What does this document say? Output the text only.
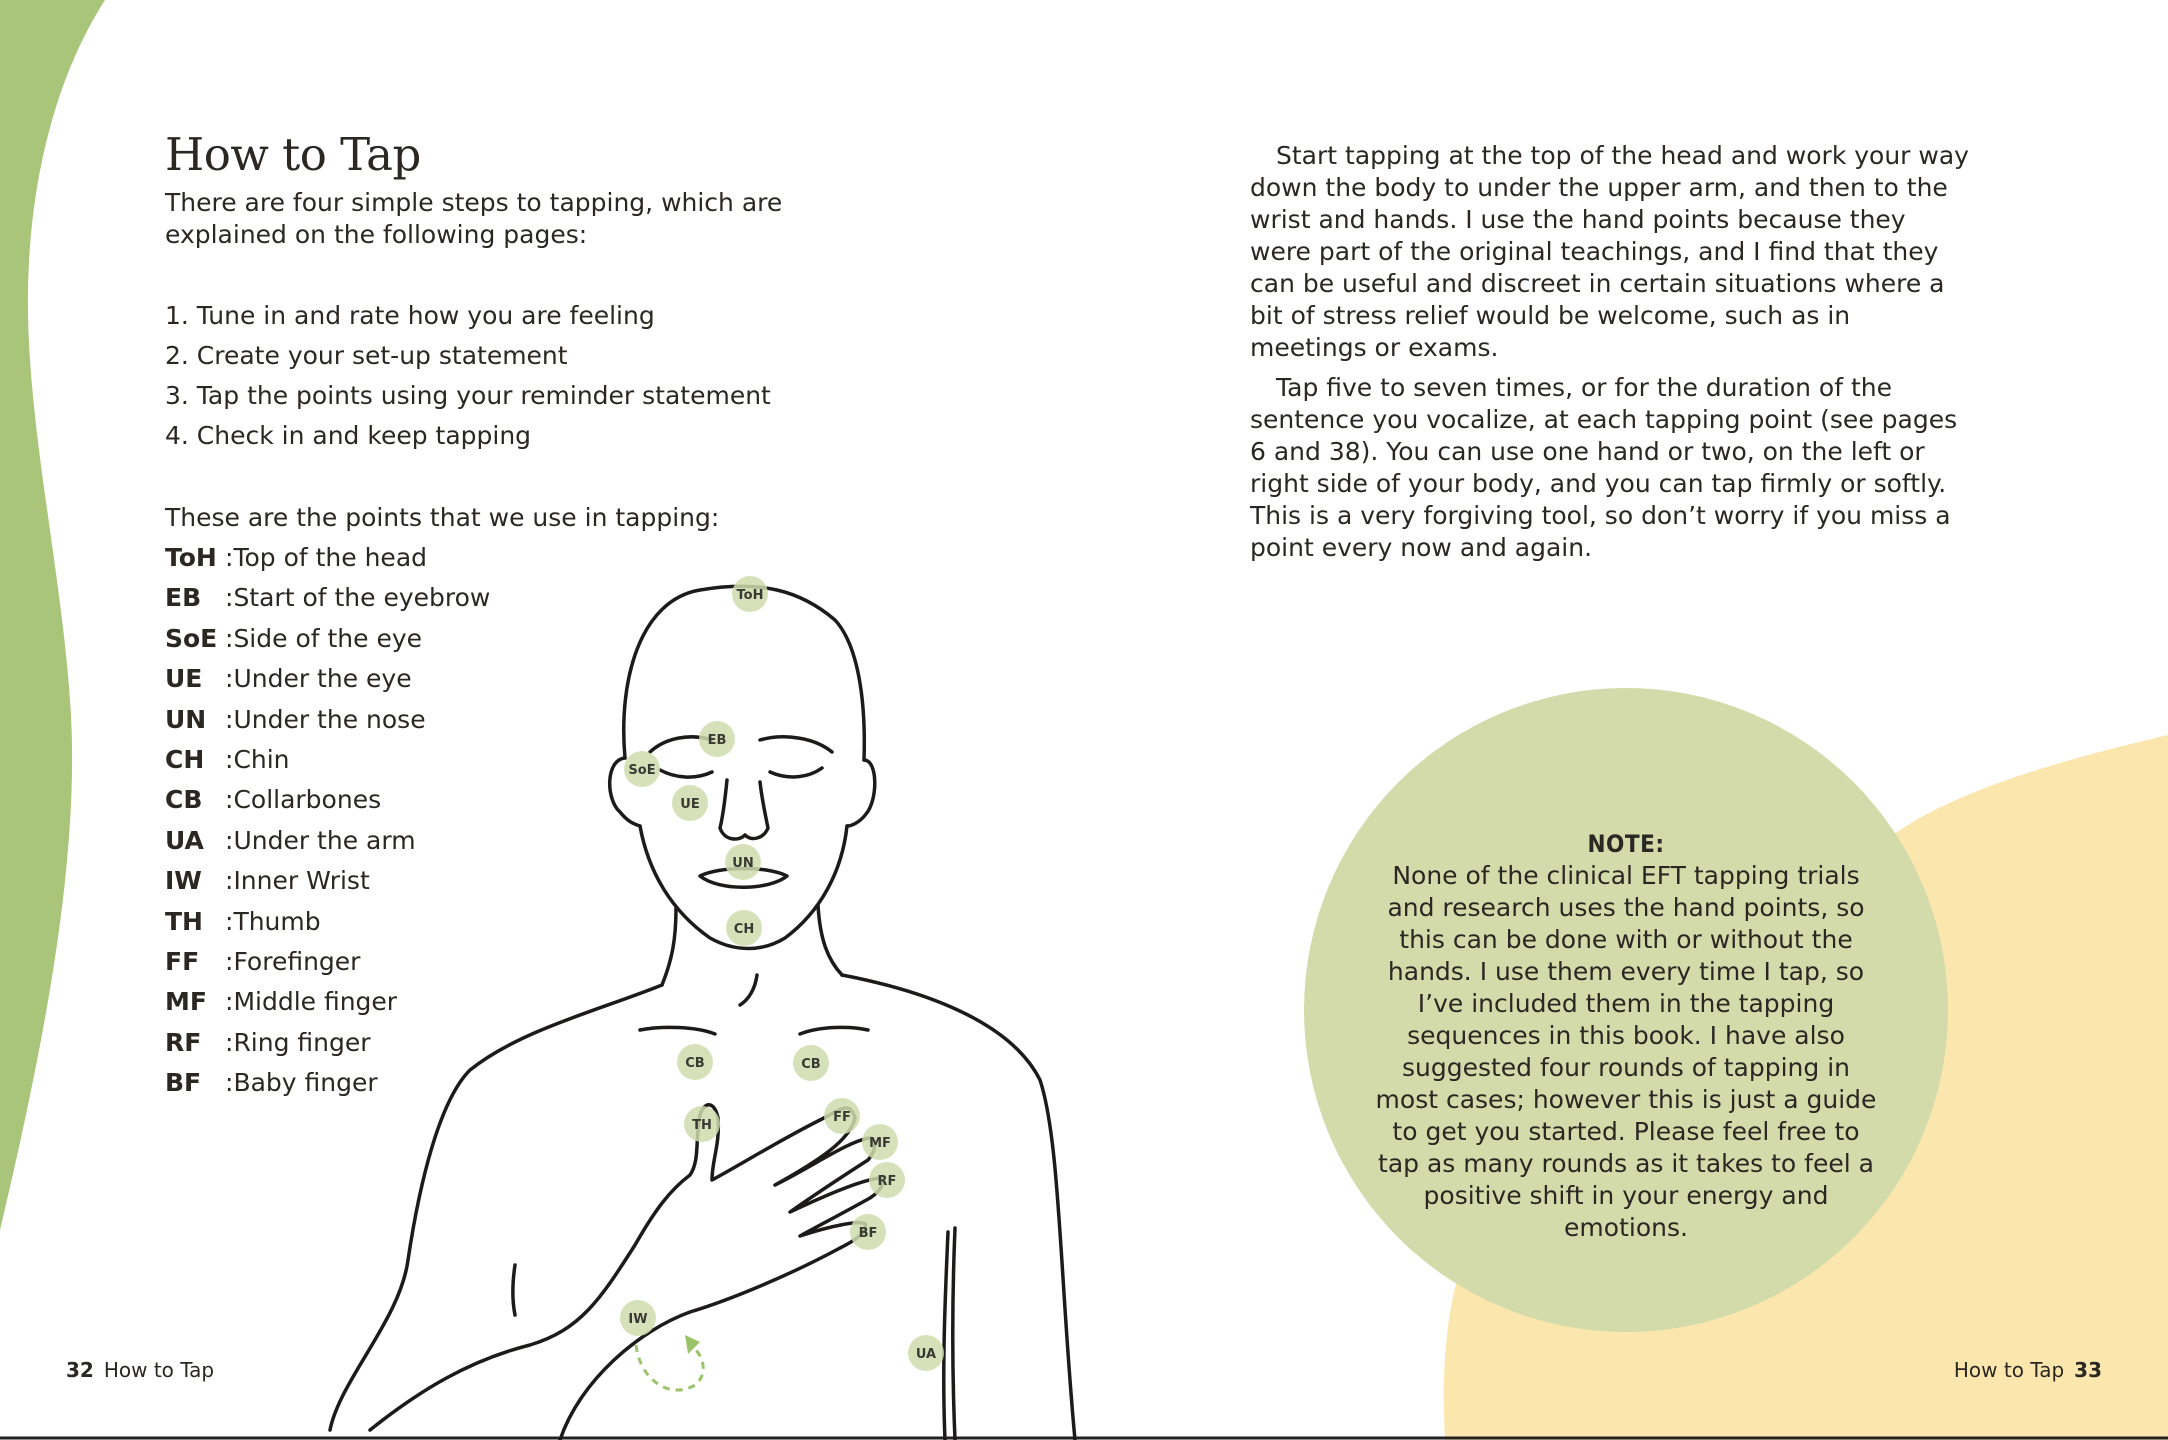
How to Tap

There are four simple steps to tapping, which are explained on the following pages:

1. Tune in and rate how you are feeling
2. Create your set-up statement
3. Tap the points using your reminder statement
4. Check in and keep tapping

These are the points that we use in tapping:

ToH :Top of the head
EB :Start of the eyebrow
SoE :Side of the eye
UE :Under the eye
UN :Under the nose
CH :Chin
CB :Collarbones
UA :Under the arm
IW :Inner Wrist
TH :Thumb
FF :Forefinger
MF :Middle finger
RF :Ring finger
BF :Baby finger
ToH
EB
SoE
UE
UN
CH
CB	CB
TH
FF
MF
RF
BF
IW
UA

Start tapping at the top of the head and work your way down the body to under the upper arm, and then to the wrist and hands. I use the hand points because they were part of the original teachings, and I find that they can be useful and discreet in certain situations where a bit of stress relief would be welcome, such as in meetings or exams.

Tap five to seven times, or for the duration of the sentence you vocalize, at each tapping point (see pages 6 and 38). You can use one hand or two, on the left or right side of your body, and you can tap firmly or softly. This is a very forgiving tool, so don’t worry if you miss a point every now and again.

NOTE:
None of the clinical EFT tapping trials and research uses the hand points, so this can be done with or without the hands. I use them every time I tap, so I’ve included them in the tapping sequences in this book. I have also suggested four rounds of tapping in most cases; however this is just a guide to get you started. Please feel free to tap as many rounds as it takes to feel a positive shift in your energy and emotions.
32 How to Tap	How to Tap 33
